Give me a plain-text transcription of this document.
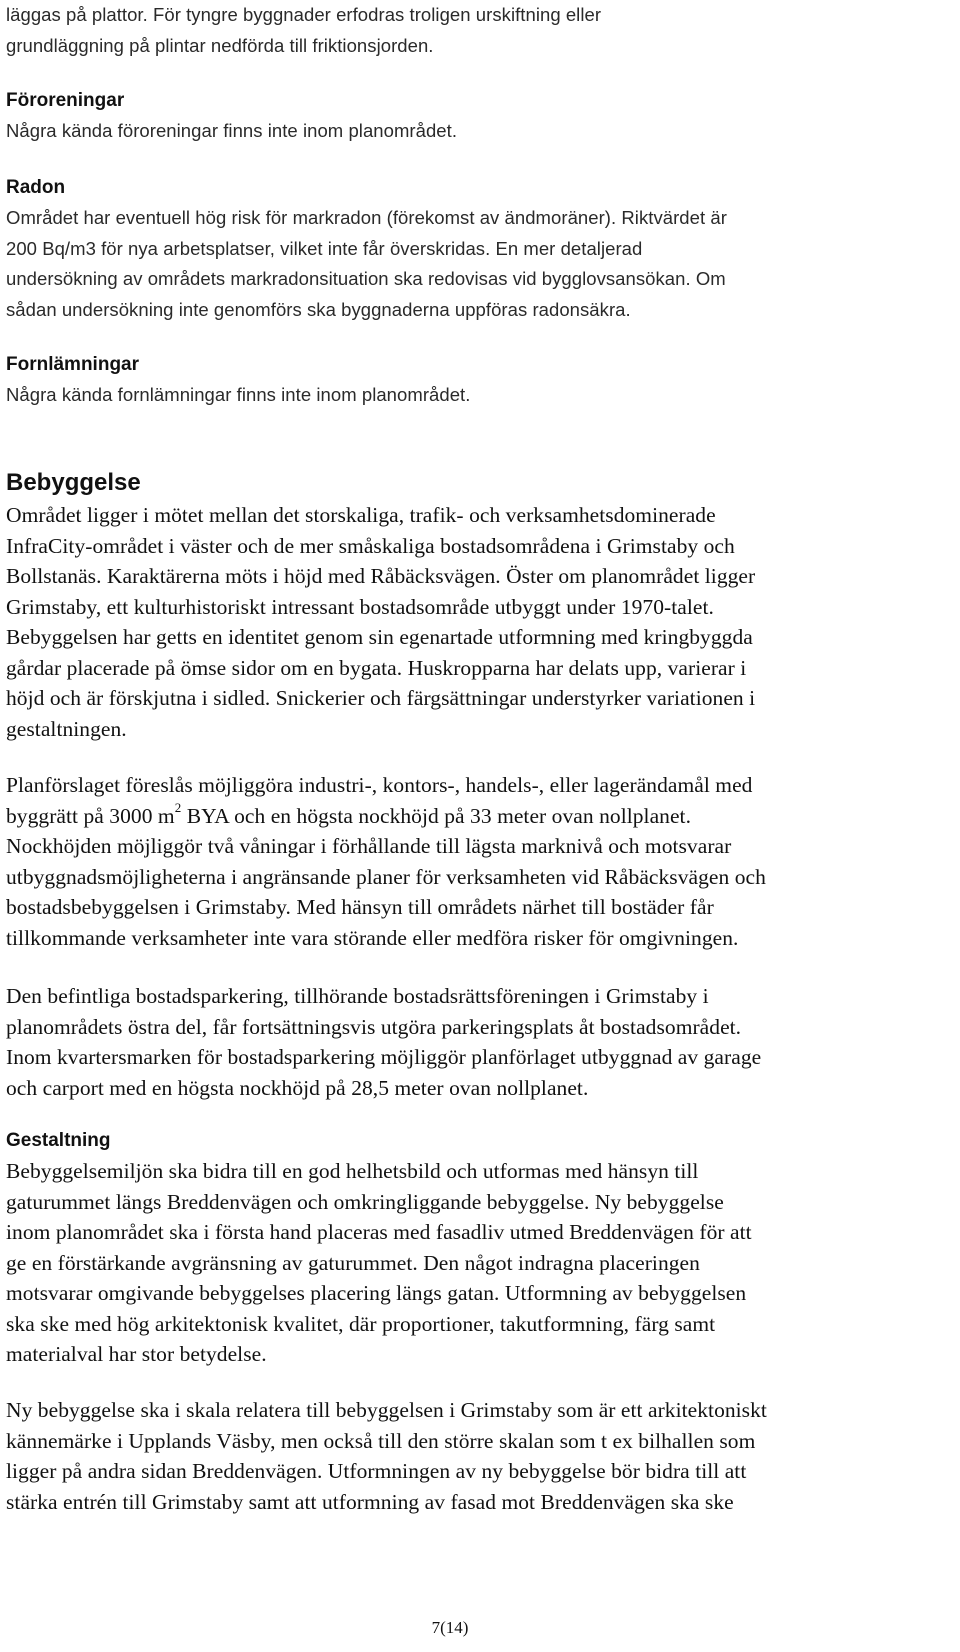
läggas på plattor. För tyngre byggnader erfodras troligen urskiftning eller
grundläggning på plintar nedförda till friktionsjorden.
Föroreningar
Några kända föroreningar finns inte inom planområdet.
Radon
Området har eventuell hög risk för markradon (förekomst av ändmoräner). Riktvärdet är
200 Bq/m3 för nya arbetsplatser, vilket inte får överskridas. En mer detaljerad
undersökning av områdets markradonsituation ska redovisas vid bygglovsansökan. Om
sådan undersökning inte genomförs ska byggnaderna uppföras radonsäkra.
Fornlämningar
Några kända fornlämningar finns inte inom planområdet.
Bebyggelse
Området ligger i mötet mellan det storskaliga, trafik- och verksamhetsdominerade
InfraCity-området i väster och de mer småskaliga bostadsområdena i Grimstaby och
Bollstanäs. Karaktärerna möts i höjd med Råbäcksvägen. Öster om planområdet ligger
Grimstaby, ett kulturhistoriskt intressant bostadsområde utbyggt under 1970-talet.
Bebyggelsen har getts en identitet genom sin egenartade utformning med kringbyggda
gårdar placerade på ömse sidor om en bygata. Huskropparna har delats upp, varierar i
höjd och är förskjutna i sidled. Snickerier och färgsättningar understyrker variationen i
gestaltningen.
Planförslaget föreslås möjliggöra industri-, kontors-, handels-, eller lagerändamål med
byggrätt på 3000 $m^2$ BYA och en högsta nockhöjd på 33 meter ovan nollplanet.
Nockhöjden möjliggör två våningar i förhållande till lägsta marknivå och motsvarar
utbyggnadsmöjligheterna i angränsande planer för verksamheten vid Råbäcksvägen och
bostadsbebyggelsen i Grimstaby. Med hänsyn till områdets närhet till bostäder får
tillkommande verksamheter inte vara störande eller medföra risker för omgivningen.
Den befintliga bostadsparkering, tillhörande bostadsrättsföreningen i Grimstaby i
planområdets östra del, får fortsättningsvis utgöra parkeringsplats åt bostadsområdet.
Inom kvartersmarken för bostadsparkering möjliggör planförlaget utbyggnad av garage
och carport med en högsta nockhöjd på 28,5 meter ovan nollplanet.
Gestaltning
Bebyggelsemiljön ska bidra till en god helhetsbild och utformas med hänsyn till
gaturummet längs Breddenvägen och omkringliggande bebyggelse. Ny bebyggelse
inom planområdet ska i första hand placeras med fasadliv utmed Breddenvägen för att
ge en förstärkande avgränsning av gaturummet. Den något indragna placeringen
motsvarar omgivande bebyggelses placering längs gatan. Utformning av bebyggelsen
ska ske med hög arkitektonisk kvalitet, där proportioner, takutformning, färg samt
materialval har stor betydelse.
Ny bebyggelse ska i skala relatera till bebyggelsen i Grimstaby som är ett arkitektoniskt
kännemärke i Upplands Väsby, men också till den större skalan som t ex bilhallen som
ligger på andra sidan Breddenvägen. Utformningen av ny bebyggelse bör bidra till att
stärka entrén till Grimstaby samt att utformning av fasad mot Breddenvägen ska ske
7(14)
